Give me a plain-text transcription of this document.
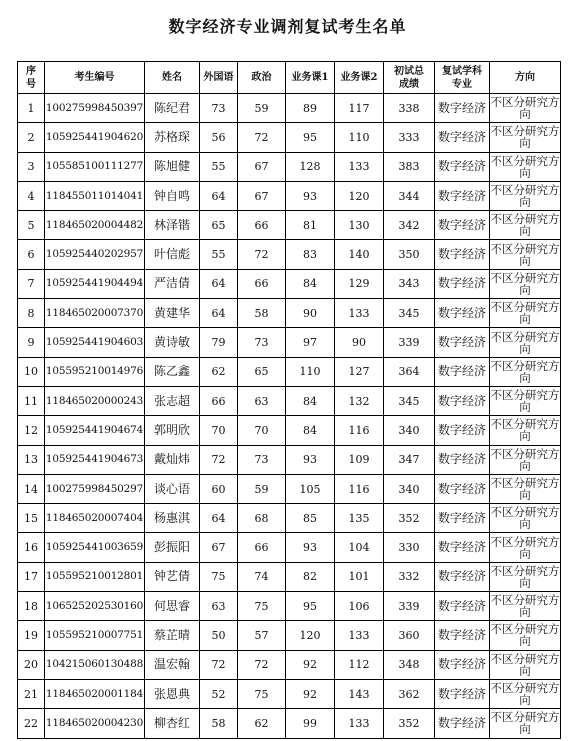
数字经济专业调剂复试考生名单
序号	考生编号	姓名	外国语	政治	业务课1	业务课2	初试总成绩	复试学科专业	方向
1	100275998450397	陈纪君	73	59	89	117	338	数字经济	不区分研究方向
2	105925441904620	苏格琛	56	72	95	110	333	数字经济	不区分研究方向
3	105585100111277	陈旭健	55	67	128	133	383	数字经济	不区分研究方向
4	118455011014041	钟自鸣	64	67	93	120	344	数字经济	不区分研究方向
5	118465020004482	林泽锴	65	66	81	130	342	数字经济	不区分研究方向
6	105925440202957	叶信彪	55	72	83	140	350	数字经济	不区分研究方向
7	105925441904494	严洁倩	64	66	84	129	343	数字经济	不区分研究方向
8	118465020007370	黄建华	64	58	90	133	345	数字经济	不区分研究方向
9	105925441904603	黄诗敏	79	73	97	90	339	数字经济	不区分研究方向
10	105595210014976	陈乙鑫	62	65	110	127	364	数字经济	不区分研究方向
11	118465020000243	张志超	66	63	84	132	345	数字经济	不区分研究方向
12	105925441904674	郭明欣	70	70	84	116	340	数字经济	不区分研究方向
13	105925441904673	戴灿炜	72	73	93	109	347	数字经济	不区分研究方向
14	100275998450297	谈心语	60	59	105	116	340	数字经济	不区分研究方向
15	118465020007404	杨惠淇	64	68	85	135	352	数字经济	不区分研究方向
16	105925441003659	彭振阳	67	66	93	104	330	数字经济	不区分研究方向
17	105595210012801	钟艺倩	75	74	82	101	332	数字经济	不区分研究方向
18	106525202530160	何思睿	63	75	95	106	339	数字经济	不区分研究方向
19	105595210007751	蔡芷晴	50	57	120	133	360	数字经济	不区分研究方向
20	104215060130488	温宏翰	72	72	92	112	348	数字经济	不区分研究方向
21	118465020001184	张恩典	52	75	92	143	362	数字经济	不区分研究方向
22	118465020004230	柳杏红	58	62	99	133	352	数字经济	不区分研究方向
